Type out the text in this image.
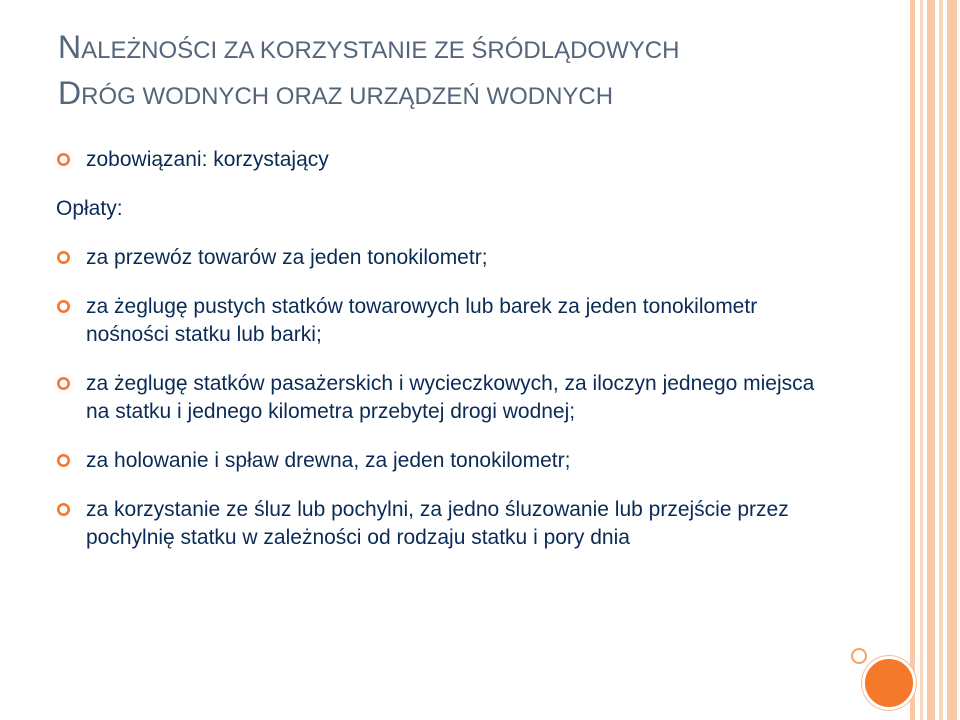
NALEŻNOŚCI ZA KORZYSTANIE ZE ŚRÓDLĄDOWYCH
DRÓG WODNYCH ORAZ URZĄDZEŃ WODNYCH
zobowiązani: korzystający
Opłaty:
za przewóz towarów za jeden tonokilometr;
za żeglugę pustych statków towarowych lub barek za jeden tonokilometr nośności statku lub barki;
za żeglugę statków pasażerskich i wycieczkowych, za iloczyn jednego miejsca na statku i jednego kilometra przebytej drogi wodnej;
za holowanie i spław drewna, za jeden tonokilometr;
za korzystanie ze śluz lub pochylni, za jedno śluzowanie lub przejście przez pochylnię statku w zależności od rodzaju statku i pory dnia
